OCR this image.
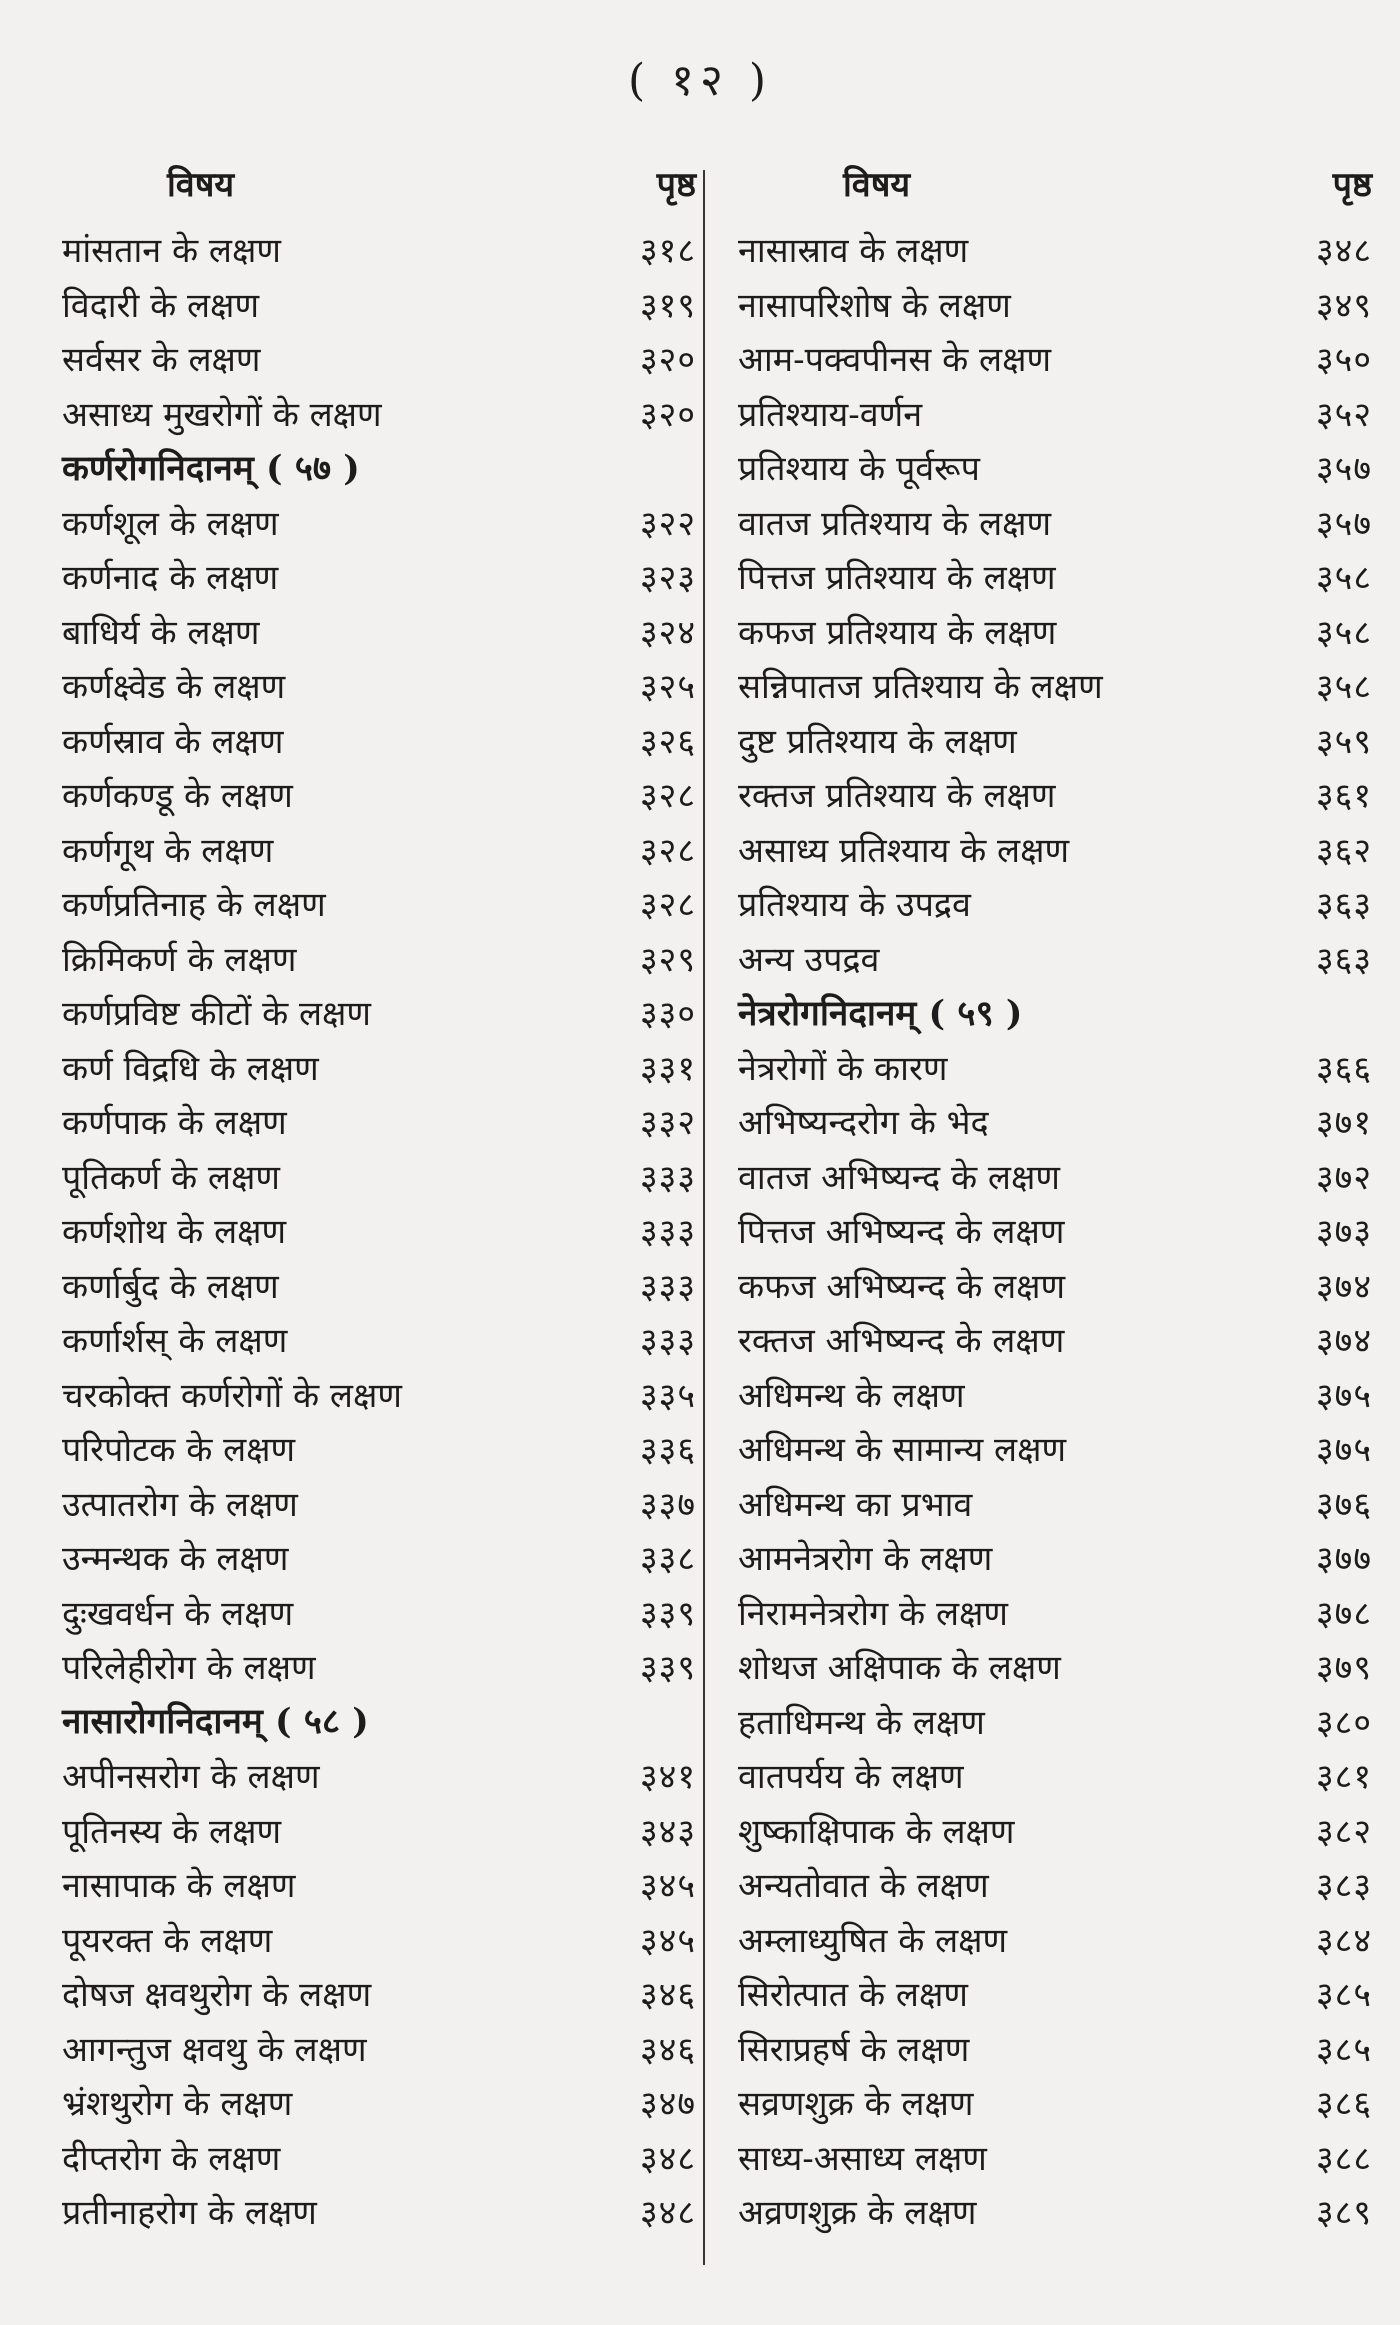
( १२ )
विषय	पृष्ठ
मांसतान के लक्षण	३१८
विदारी के लक्षण	३१९
सर्वसर के लक्षण	३२०
असाध्य मुखरोगों के लक्षण	३२०
कर्णरोगनिदानम् ( ५७ )
कर्णशूल के लक्षण	३२२
कर्णनाद के लक्षण	३२३
बाधिर्य के लक्षण	३२४
कर्णक्ष्वेड के लक्षण	३२५
कर्णस्राव के लक्षण	३२६
कर्णकण्डू के लक्षण	३२८
कर्णगूथ के लक्षण	३२८
कर्णप्रतिनाह के लक्षण	३२८
क्रिमिकर्ण के लक्षण	३२९
कर्णप्रविष्ट कीटों के लक्षण	३३०
कर्ण विद्रधि के लक्षण	३३१
कर्णपाक के लक्षण	३३२
पूतिकर्ण के लक्षण	३३३
कर्णशोथ के लक्षण	३३३
कर्णार्बुद के लक्षण	३३३
कर्णार्शस् के लक्षण	३३३
चरकोक्त कर्णरोगों के लक्षण	३३५
परिपोटक के लक्षण	३३६
उत्पातरोग के लक्षण	३३७
उन्मन्थक के लक्षण	३३८
दुःखवर्धन के लक्षण	३३९
परिलेहीरोग के लक्षण	३३९
नासारोगनिदानम् ( ५८ )
अपीनसरोग के लक्षण	३४१
पूतिनस्य के लक्षण	३४३
नासापाक के लक्षण	३४५
पूयरक्त के लक्षण	३४५
दोषज क्षवथुरोग के लक्षण	३४६
आगन्तुज क्षवथु के लक्षण	३४६
भ्रंशथुरोग के लक्षण	३४७
दीप्तरोग के लक्षण	३४८
प्रतीनाहरोग के लक्षण	३४८
विषय	पृष्ठ
नासास्राव के लक्षण	३४८
नासापरिशोष के लक्षण	३४९
आम-पक्वपीनस के लक्षण	३५०
प्रतिश्याय-वर्णन	३५२
प्रतिश्याय के पूर्वरूप	३५७
वातज प्रतिश्याय के लक्षण	३५७
पित्तज प्रतिश्याय के लक्षण	३५८
कफज प्रतिश्याय के लक्षण	३५८
सन्निपातज प्रतिश्याय के लक्षण	३५८
दुष्ट प्रतिश्याय के लक्षण	३५९
रक्तज प्रतिश्याय के लक्षण	३६१
असाध्य प्रतिश्याय के लक्षण	३६२
प्रतिश्याय के उपद्रव	३६३
अन्य उपद्रव	३६३
नेत्ररोगनिदानम् ( ५९ )
नेत्ररोगों के कारण	३६६
अभिष्यन्दरोग के भेद	३७१
वातज अभिष्यन्द के लक्षण	३७२
पित्तज अभिष्यन्द के लक्षण	३७३
कफज अभिष्यन्द के लक्षण	३७४
रक्तज अभिष्यन्द के लक्षण	३७४
अधिमन्थ के लक्षण	३७५
अधिमन्थ के सामान्य लक्षण	३७५
अधिमन्थ का प्रभाव	३७६
आमनेत्ररोग के लक्षण	३७७
निरामनेत्ररोग के लक्षण	३७८
शोथज अक्षिपाक के लक्षण	३७९
हताधिमन्थ के लक्षण	३८०
वातपर्यय के लक्षण	३८१
शुष्काक्षिपाक के लक्षण	३८२
अन्यतोवात के लक्षण	३८३
अम्लाध्युषित के लक्षण	३८४
सिरोत्पात के लक्षण	३८५
सिराप्रहर्ष के लक्षण	३८५
सव्रणशुक्र के लक्षण	३८६
साध्य-असाध्य लक्षण	३८८
अव्रणशुक्र के लक्षण	३८९
